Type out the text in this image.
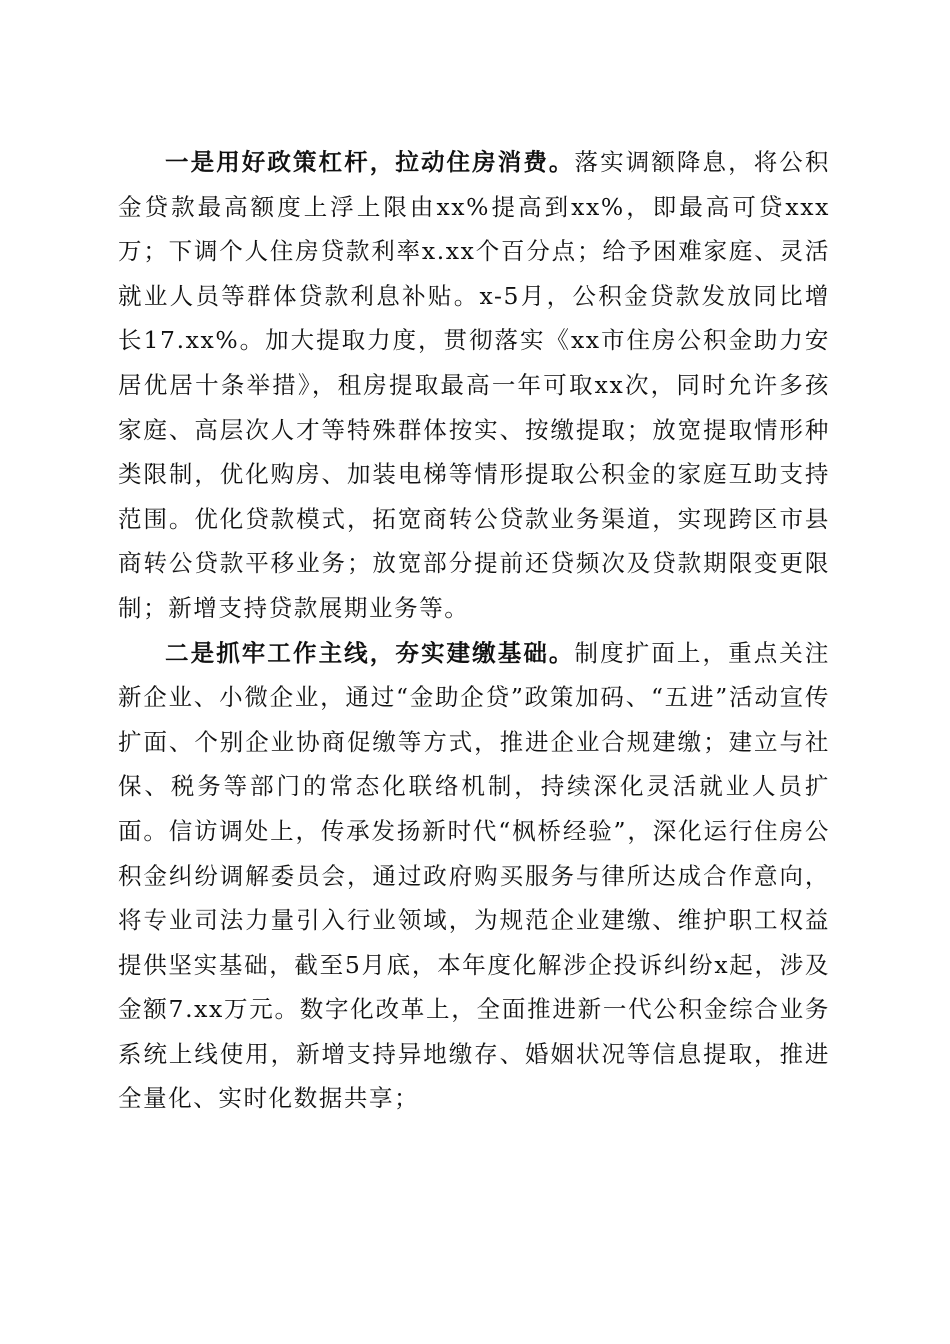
一是用好政策杠杆，拉动住房消费。落实调额降息，将公积金贷款最高额度上浮上限由xx%提高到xx%，即最高可贷xxx万；下调个人住房贷款利率x.xx个百分点；给予困难家庭、灵活就业人员等群体贷款利息补贴。x-5月，公积金贷款发放同比增长17.xx%。加大提取力度，贯彻落实《xx市住房公积金助力安居优居十条举措》，租房提取最高一年可取xx次，同时允许多孩家庭、高层次人才等特殊群体按实、按缴提取；放宽提取情形种类限制，优化购房、加装电梯等情形提取公积金的家庭互助支持范围。优化贷款模式，拓宽商转公贷款业务渠道，实现跨区市县商转公贷款平移业务；放宽部分提前还贷频次及贷款期限变更限制；新增支持贷款展期业务等。

二是抓牢工作主线，夯实建缴基础。制度扩面上，重点关注新企业、小微企业，通过“金助企贷”政策加码、“五进”活动宣传扩面、个别企业协商促缴等方式，推进企业合规建缴；建立与社保、税务等部门的常态化联络机制，持续深化灵活就业人员扩面。信访调处上，传承发扬新时代“枫桥经验”，深化运行住房公积金纠纷调解委员会，通过政府购买服务与律所达成合作意向，将专业司法力量引入行业领域，为规范企业建缴、维护职工权益提供坚实基础，截至5月底，本年度化解涉企投诉纠纷x起，涉及金额7.xx万元。数字化改革上，全面推进新一代公积金综合业务系统上线使用，新增支持异地缴存、婚姻状况等信息提取，推进全量化、实时化数据共享；
